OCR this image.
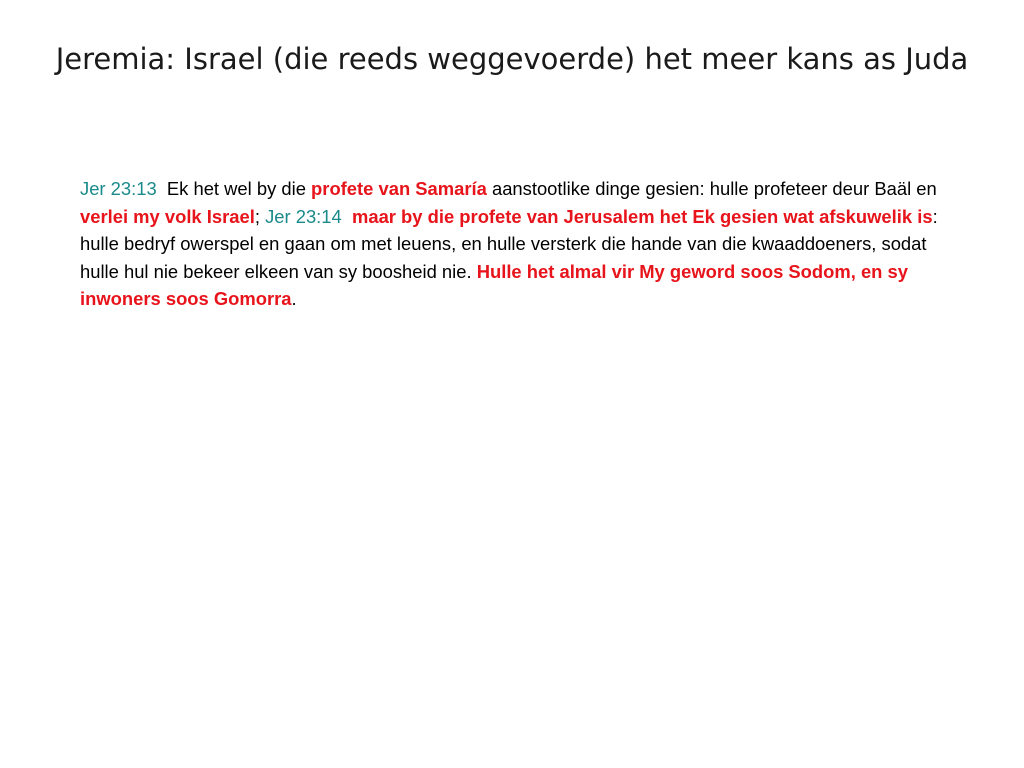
Jeremia: Israel (die reeds weggevoerde) het meer kans as Juda

Jer 23:13  Ek het wel by die profete van Samaría aanstootlike dinge gesien: hulle profeteer deur Baäl en verlei my volk Israel; Jer 23:14 maar by die profete van Jerusalem het Ek gesien wat afskuwelik is: hulle bedryf owerspel en gaan om met leuens, en hulle versterk die hande van die kwaaddoeners, sodat hulle hul nie bekeer elkeen van sy boosheid nie. Hulle het almal vir My geword soos Sodom, en sy inwoners soos Gomorra.
